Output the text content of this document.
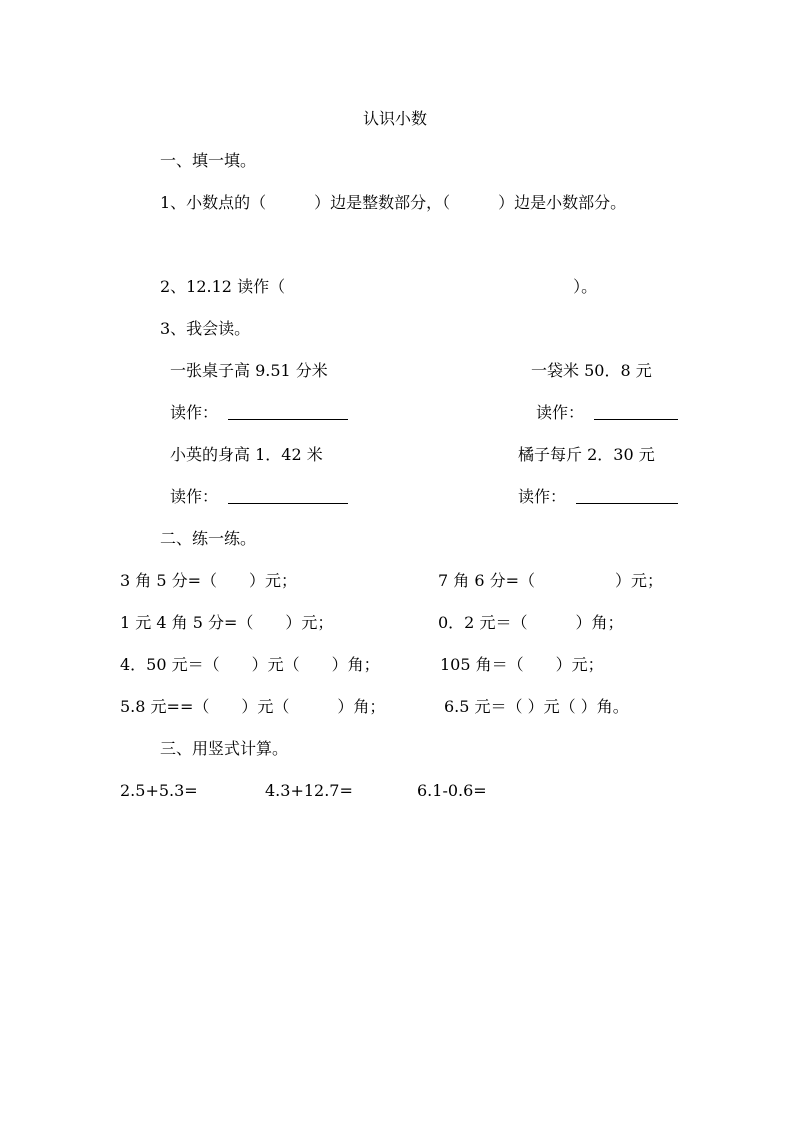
认识小数
一、填一填。
1、小数点的（　　　）边是整数部分，（　　　）边是小数部分。
2、12.12 读作（　　　　　　　　　　　　　　　　　　）。
3、我会读。
一张桌子高 9.51 分米	一袋米 50．8 元
读作：	读作：
小英的身高 1．42 米	橘子每斤 2．30 元
读作：	读作：
二、练一练。
3 角 5 分=（　　）元；	7 角 6 分=（　　　　　）元；
1 元 4 角 5 分=（　　）元；	0．2 元＝（　　　）角；
4．50 元＝（　　）元（　　）角；	105 角＝（　　）元；
5.8 元==（　　）元（　　　）角；	6.5 元＝（ ）元（ ）角。
三、用竖式计算。
2.5+5.3=	4.3+12.7=	6.1-0.6=
